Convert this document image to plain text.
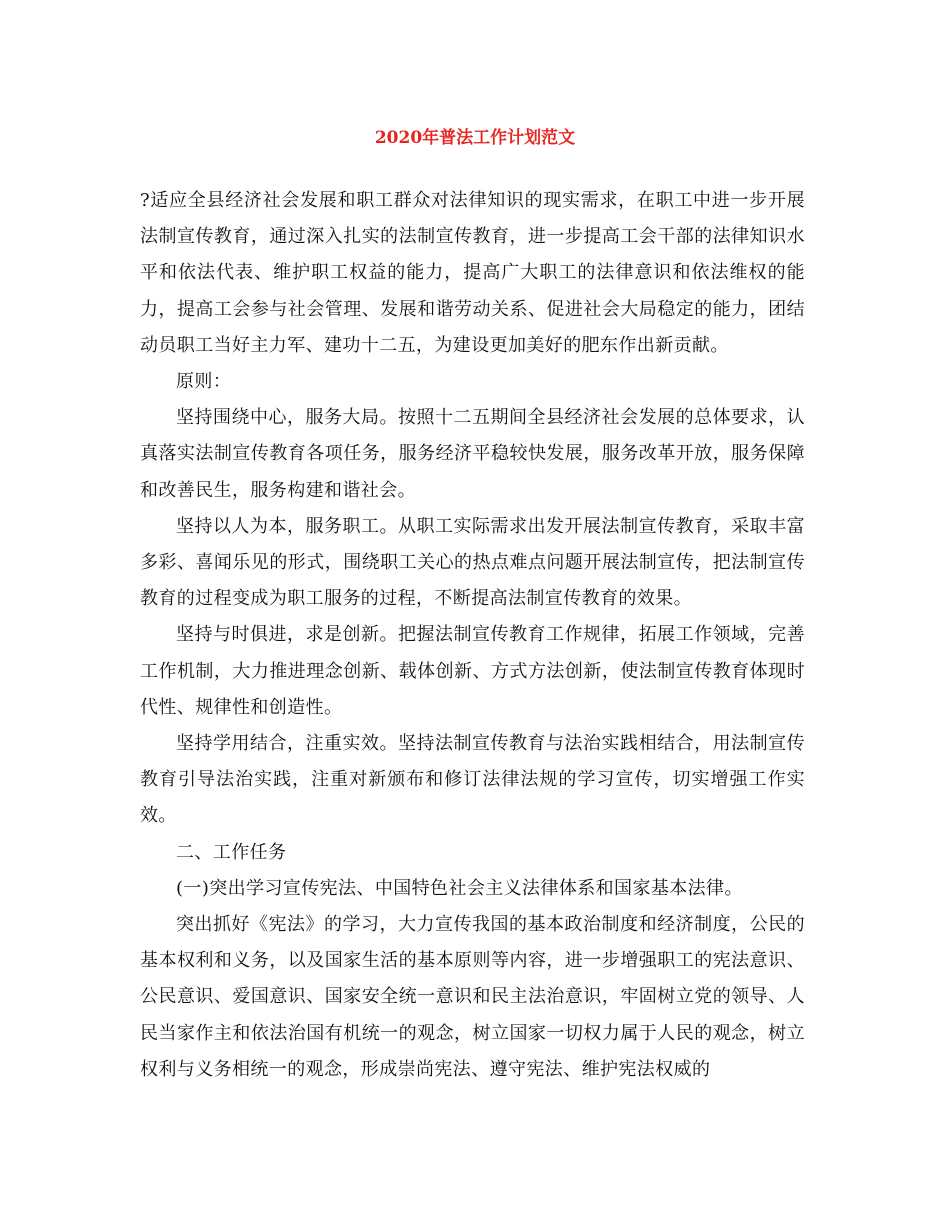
2020年普法工作计划范文

?适应全县经济社会发展和职工群众对法律知识的现实需求，在职工中进一步开展法制宣传教育，通过深入扎实的法制宣传教育，进一步提高工会干部的法律知识水平和依法代表、维护职工权益的能力，提高广大职工的法律意识和依法维权的能力，提高工会参与社会管理、发展和谐劳动关系、促进社会大局稳定的能力，团结动员职工当好主力军、建功十二五，为建设更加美好的肥东作出新贡献。

原则：

坚持围绕中心，服务大局。按照十二五期间全县经济社会发展的总体要求，认真落实法制宣传教育各项任务，服务经济平稳较快发展，服务改革开放，服务保障和改善民生，服务构建和谐社会。

坚持以人为本，服务职工。从职工实际需求出发开展法制宣传教育，采取丰富多彩、喜闻乐见的形式，围绕职工关心的热点难点问题开展法制宣传，把法制宣传教育的过程变成为职工服务的过程，不断提高法制宣传教育的效果。

坚持与时俱进，求是创新。把握法制宣传教育工作规律，拓展工作领域，完善工作机制，大力推进理念创新、载体创新、方式方法创新，使法制宣传教育体现时代性、规律性和创造性。

坚持学用结合，注重实效。坚持法制宣传教育与法治实践相结合，用法制宣传教育引导法治实践，注重对新颁布和修订法律法规的学习宣传，切实增强工作实效。

二、工作任务

(一)突出学习宣传宪法、中国特色社会主义法律体系和国家基本法律。

突出抓好《宪法》的学习，大力宣传我国的基本政治制度和经济制度，公民的基本权利和义务，以及国家生活的基本原则等内容，进一步增强职工的宪法意识、公民意识、爱国意识、国家安全统一意识和民主法治意识，牢固树立党的领导、人民当家作主和依法治国有机统一的观念，树立国家一切权力属于人民的观念，树立权利与义务相统一的观念，形成崇尚宪法、遵守宪法、维护宪法权威的
